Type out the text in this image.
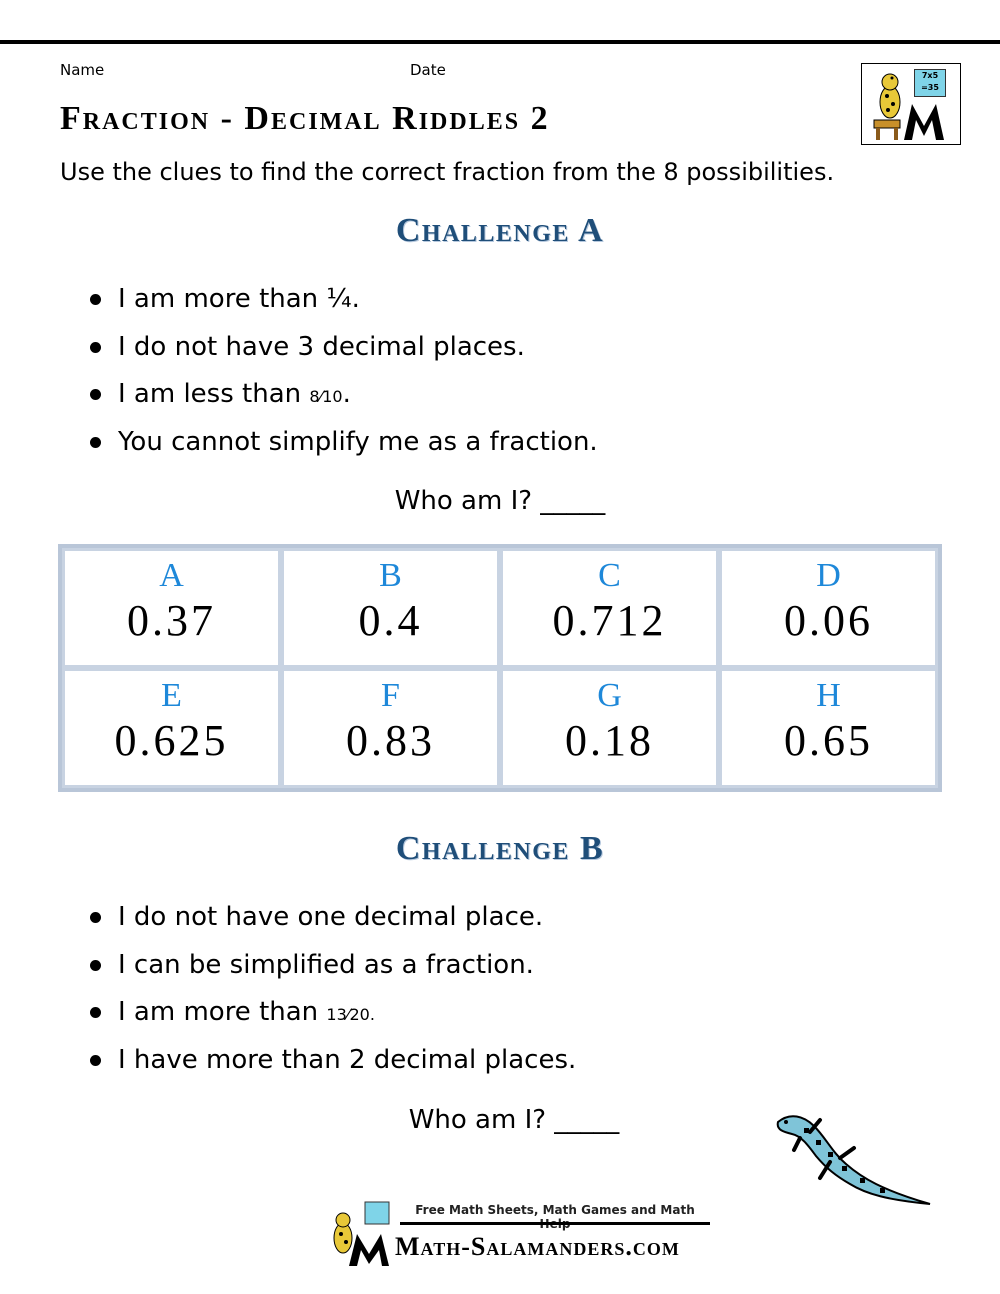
Name	Date	7x5
=35
Fraction - Decimal Riddles 2
Use the clues to find the correct fraction from the 8 possibilities.
Challenge A
I am more than ¼.
I do not have 3 decimal places.
I am less than 8⁄10.
You cannot simplify me as a fraction.
Who am I? _____
A
0.37
B
0.4
C
0.712
D
0.06
E
0.625
F
0.83
G
0.18
H
0.65
Challenge B
I do not have one decimal place.
I can be simplified as a fraction.
I am more than 13⁄20.
I have more than 2 decimal places.
Who am I? _____
Free Math Sheets, Math Games and Math
Math-Salamanders.com
